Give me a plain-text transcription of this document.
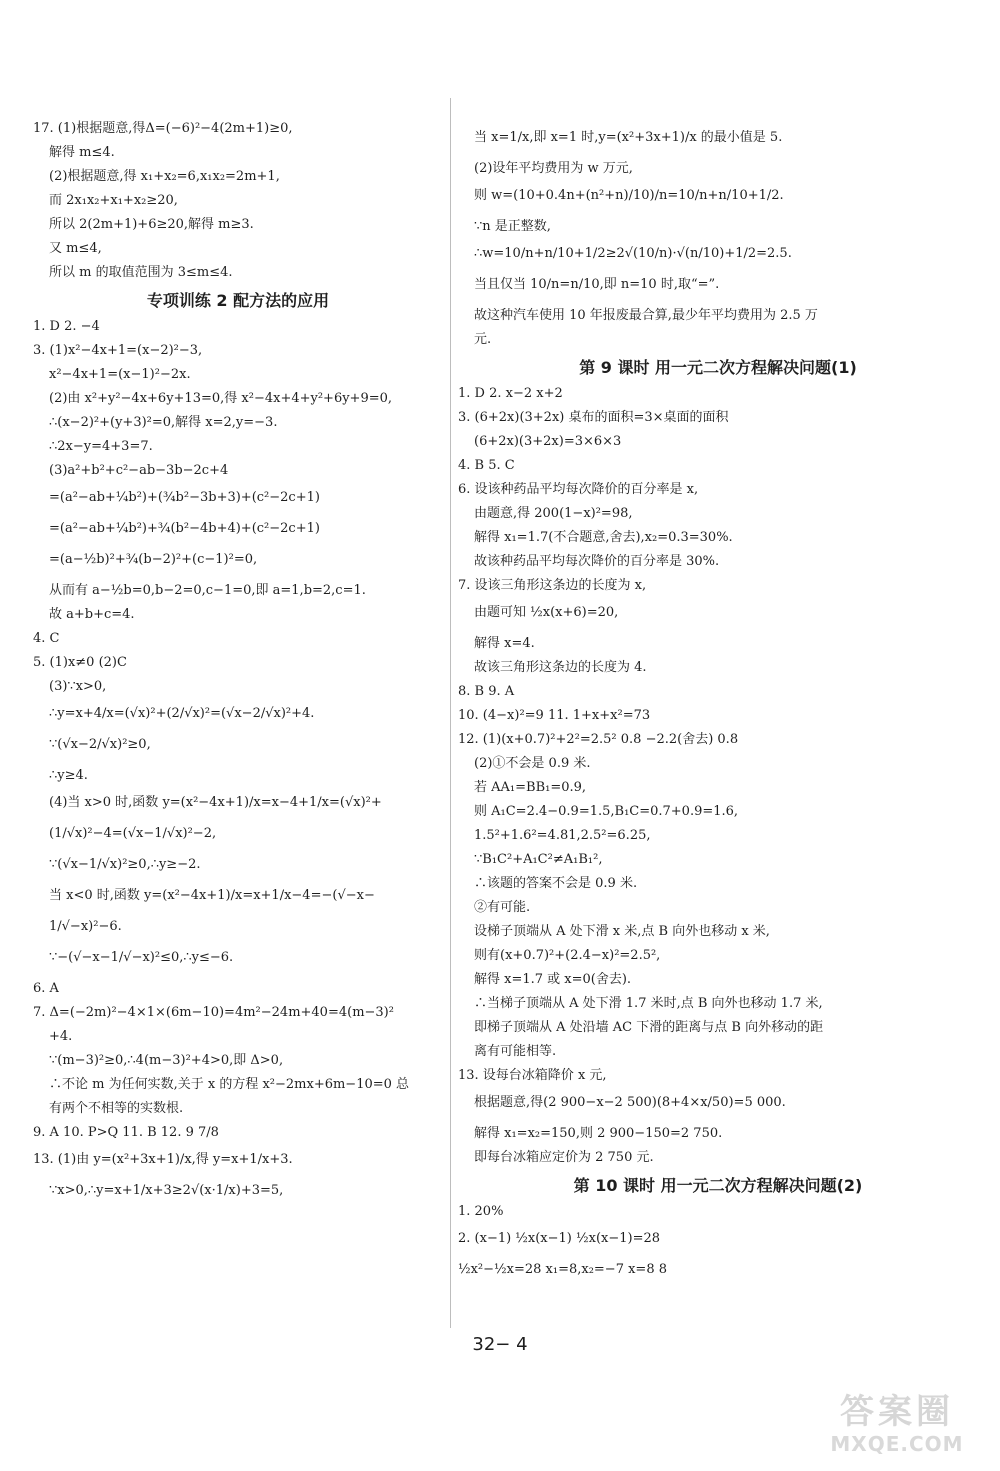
17. (1)根据题意,得Δ=(−6)²−4(2m+1)≥0,
解得 m≤4.
(2)根据题意,得 x₁+x₂=6,x₁x₂=2m+1,
而 2x₁x₂+x₁+x₂≥20,
所以 2(2m+1)+6≥20,解得 m≥3.
又 m≤4,
所以 m 的取值范围为 3≤m≤4.
专项训练 2 配方法的应用
1. D 2. −4
3. (1)x²−4x+1=(x−2)²−3,
x²−4x+1=(x−1)²−2x.
(2)由 x²+y²−4x+6y+13=0,得 x²−4x+4+y²+6y+9=0,
∴(x−2)²+(y+3)²=0,解得 x=2,y=−3.
∴2x−y=4+3=7.
(3)a²+b²+c²−ab−3b−2c+4
=(a²−ab+¼b²)+(¾b²−3b+3)+(c²−2c+1)
=(a²−ab+¼b²)+¾(b²−4b+4)+(c²−2c+1)
=(a−½b)²+¾(b−2)²+(c−1)²=0,
从而有 a−½b=0,b−2=0,c−1=0,即 a=1,b=2,c=1.
故 a+b+c=4.
4. C
5. (1)x≠0 (2)C
(3)∵x>0,
∴y=x+4/x=(√x)²+(2/√x)²=(√x−2/√x)²+4.
∵(√x−2/√x)²≥0,
∴y≥4.
(4)当 x>0 时,函数 y=(x²−4x+1)/x=x−4+1/x=(√x)²+
(1/√x)²−4=(√x−1/√x)²−2,
∵(√x−1/√x)²≥0,∴y≥−2.
当 x<0 时,函数 y=(x²−4x+1)/x=x+1/x−4=−(√−x−
1/√−x)²−6.
∵−(√−x−1/√−x)²≤0,∴y≤−6.
6. A
7. Δ=(−2m)²−4×1×(6m−10)=4m²−24m+40=4(m−3)²
+4.
∵(m−3)²≥0,∴4(m−3)²+4>0,即 Δ>0,
∴不论 m 为任何实数,关于 x 的方程 x²−2mx+6m−10=0 总
有两个不相等的实数根.
9. A 10. P>Q 11. B 12. 9 7/8
13. (1)由 y=(x²+3x+1)/x,得 y=x+1/x+3.
∵x>0,∴y=x+1/x+3≥2√(x·1/x)+3=5,
当 x=1/x,即 x=1 时,y=(x²+3x+1)/x 的最小值是 5.
(2)设年平均费用为 w 万元,
则 w=(10+0.4n+(n²+n)/10)/n=10/n+n/10+1/2.
∵n 是正整数,
∴w=10/n+n/10+1/2≥2√(10/n)·√(n/10)+1/2=2.5.
当且仅当 10/n=n/10,即 n=10 时,取“=”.
故这种汽车使用 10 年报废最合算,最少年平均费用为 2.5 万
元.
第 9 课时 用一元二次方程解决问题(1)
1. D 2. x−2 x+2
3. (6+2x)(3+2x) 桌布的面积=3×桌面的面积
(6+2x)(3+2x)=3×6×3
4. B 5. C
6. 设该种药品平均每次降价的百分率是 x,
由题意,得 200(1−x)²=98,
解得 x₁=1.7(不合题意,舍去),x₂=0.3=30%.
故该种药品平均每次降价的百分率是 30%.
7. 设该三角形这条边的长度为 x,
由题可知 ½x(x+6)=20,
解得 x=4.
故该三角形这条边的长度为 4.
8. B 9. A
10. (4−x)²=9 11. 1+x+x²=73
12. (1)(x+0.7)²+2²=2.5² 0.8 −2.2(舍去) 0.8
(2)①不会是 0.9 米.
若 AA₁=BB₁=0.9,
则 A₁C=2.4−0.9=1.5,B₁C=0.7+0.9=1.6,
1.5²+1.6²=4.81,2.5²=6.25,
∵B₁C²+A₁C²≠A₁B₁²,
∴该题的答案不会是 0.9 米.
②有可能.
设梯子顶端从 A 处下滑 x 米,点 B 向外也移动 x 米,
则有(x+0.7)²+(2.4−x)²=2.5²,
解得 x=1.7 或 x=0(舍去).
∴当梯子顶端从 A 处下滑 1.7 米时,点 B 向外也移动 1.7 米,
即梯子顶端从 A 处沿墙 AC 下滑的距离与点 B 向外移动的距
离有可能相等.
13. 设每台冰箱降价 x 元,
根据题意,得(2 900−x−2 500)(8+4×x/50)=5 000.
解得 x₁=x₂=150,则 2 900−150=2 750.
即每台冰箱应定价为 2 750 元.
第 10 课时 用一元二次方程解决问题(2)
1. 20%
2. (x−1) ½x(x−1) ½x(x−1)=28
½x²−½x=28 x₁=8,x₂=−7 x=8 8
32− 4
答案圈
MXQE.COM
